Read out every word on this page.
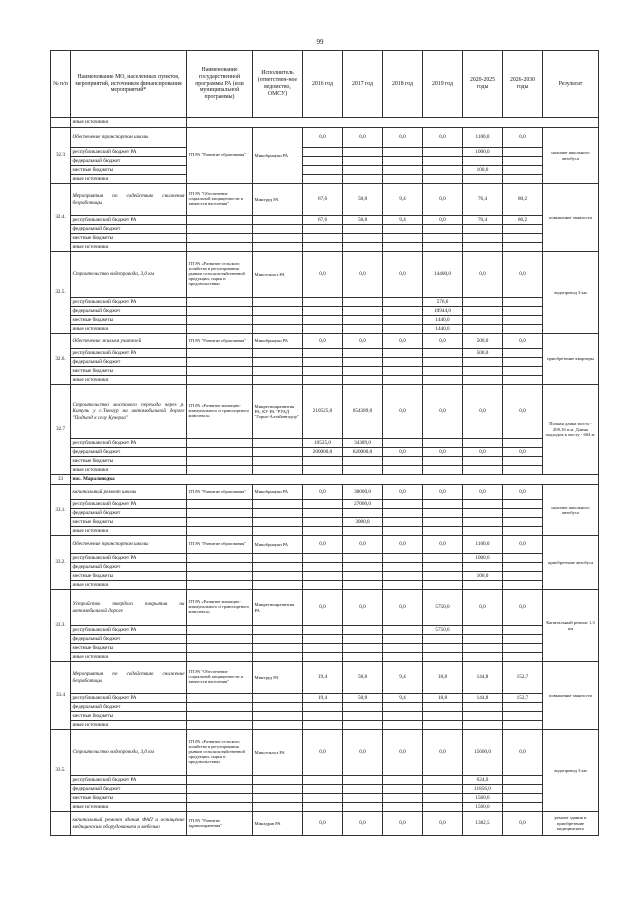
99
№ п/п	Наименование МО, населенных пунктов, мероприятий, источников финансирования мероприятий*	Наименование государственной программы РА (или муниципальной программы)	Исполнитель (ответствен-ное ведомство, ОМСУ)	2016 год	2017 год	2018 год	2019 год	2020-2025 годы	2026-2030 годы	Результат
	иные источники									
32.3	Обеспечение транспортом школы	ГП РА "Развитие образования"	Минобрнауки РА	0,0	0,0	0,0	0,0	1100,0	0,0	наличие школьного автобуса
	республиканский бюджет РА							1000,0		
	федеральный бюджет									
	местные бюджеты							100,0		
	иные источники									
32.4.	Мероприятия по содействию снижения безработицы	ГП РА "Обеспечение социальной защищенности и занятости населения"	Минтруд РА	67,6	58,8	9,4	0,0	76,4	80,2	повышение занятости
	республиканский бюджет РА			67,6	58,8	9,4	0,0	76,4	80,2	
	федеральный бюджет									
	местные бюджеты									
	иные источники									
32.5.	Строительство водопровода, 3,0 км	ГП РА «Развитие сельского хозяйства и регулирования рынков сельскохозяйственной продукции, сырья и продовольствия»	Минсельхоз РА	0,0	0,0	0,0	14400,0	0,0	0,0	водопровод 3 км
	республиканский бюджет РА						576,0			
	федеральный бюджет						10944,0			
	местные бюджеты						1440,0			
	иные источники						1440,0			
32.6.	Обеспечение жильем учителей	ГП РА "Развитие образования"	Минобрнауки РА	0,0	0,0	0,0	0,0	500,0	0,0	приобретение квартиры
	республиканский бюджет РА							500,0		
	федеральный бюджет									
	местные бюджеты									
	иные источники									
32.7	Строительство мостового перехода через р. Катунь у с.Тюнгур на автомобильной дороге "Подъезд к селу Кучерла"	ГП РА «Развитие жилищно-коммунального и транспортного комплекса»	Минрегионразвития РА, КУ РА "РУАД "Горно-Алтайавтодор"	210525,0	654389,0	0,0	0,0	0,0	0,0	Полная длина моста - 209,16 п.м. Длина подходов к мосту - 604 м.
	республиканский бюджет РА			10525,0	34389,0					
	федеральный бюджет			200000,0	620000,0	0,0	0,0	0,0	0,0	
	местные бюджеты									
	иные источники									
33	пос. Мараловодка									
33.1.	капитальный ремонт школы	ГП РА "Развитие образования"	Минобрнауки РА	0,0	30000,0	0,0	0,0	0,0	0,0	наличие школьного автобуса
	республиканский бюджет РА				27000,0					
	федеральный бюджет									
	местные бюджеты				3000,0					
	иные источники									
33.2.	Обеспечение транспортом школы	ГП РА "Развитие образования"	Минобрнауки РА	0,0	0,0	0,0	0,0	1100,0	0,0	приобретение автобуса
	республиканский бюджет РА							1000,0		
	федеральный бюджет									
	местные бюджеты							100,0		
	иные источники									
33.3.	Устройство твердого покрытия на автомобильной дороге	ГП РА «Развитие жилищно-коммунального и транспортного комплекса»	Минрегионразвития РА	0,0	0,0	0,0	5750,0	0,0	0,0	Капитальный ремонт 1,3 км
	республиканский бюджет РА						5750,0			
	федеральный бюджет									
	местные бюджеты									
	иные источники									
33.4	Мероприятия по содействию снижение безработицы	ГП РА "Обеспечение социальной защищенности и занятости населения"	Минтруд РА	19,4	58,8	9,4	18,8	144,8	152,7	повышение занятости
	республиканский бюджет РА			19,4	58,8	9,4	18,8	144,8	152,7	
	федеральный бюджет									
	местные бюджеты									
	иные источники									
33.5.	Строительство водопровода, 3,0 км	ГП РА «Развитие сельского хозяйства и регулирования рынков сельскохозяйственной продукции, сырья и продовольствия»	Минсельхоз РА	0,0	0,0	0,0	0,0	15600,0	0,0	водопровод 3 км
	республиканский бюджет РА							624,0		
	федеральный бюджет							11856,0		
	местные бюджеты							1560,0		
	иные источники							1560,0		
	капитальный ремонт здания ФАП и оснащение медицинским оборудованием и мебелью	ГП РА "Развитие здравоохранения"	Минздрав РА	0,0	0,0	0,0	0,0	1382,5	0,0	ремонт здания и приобретение медицинского
